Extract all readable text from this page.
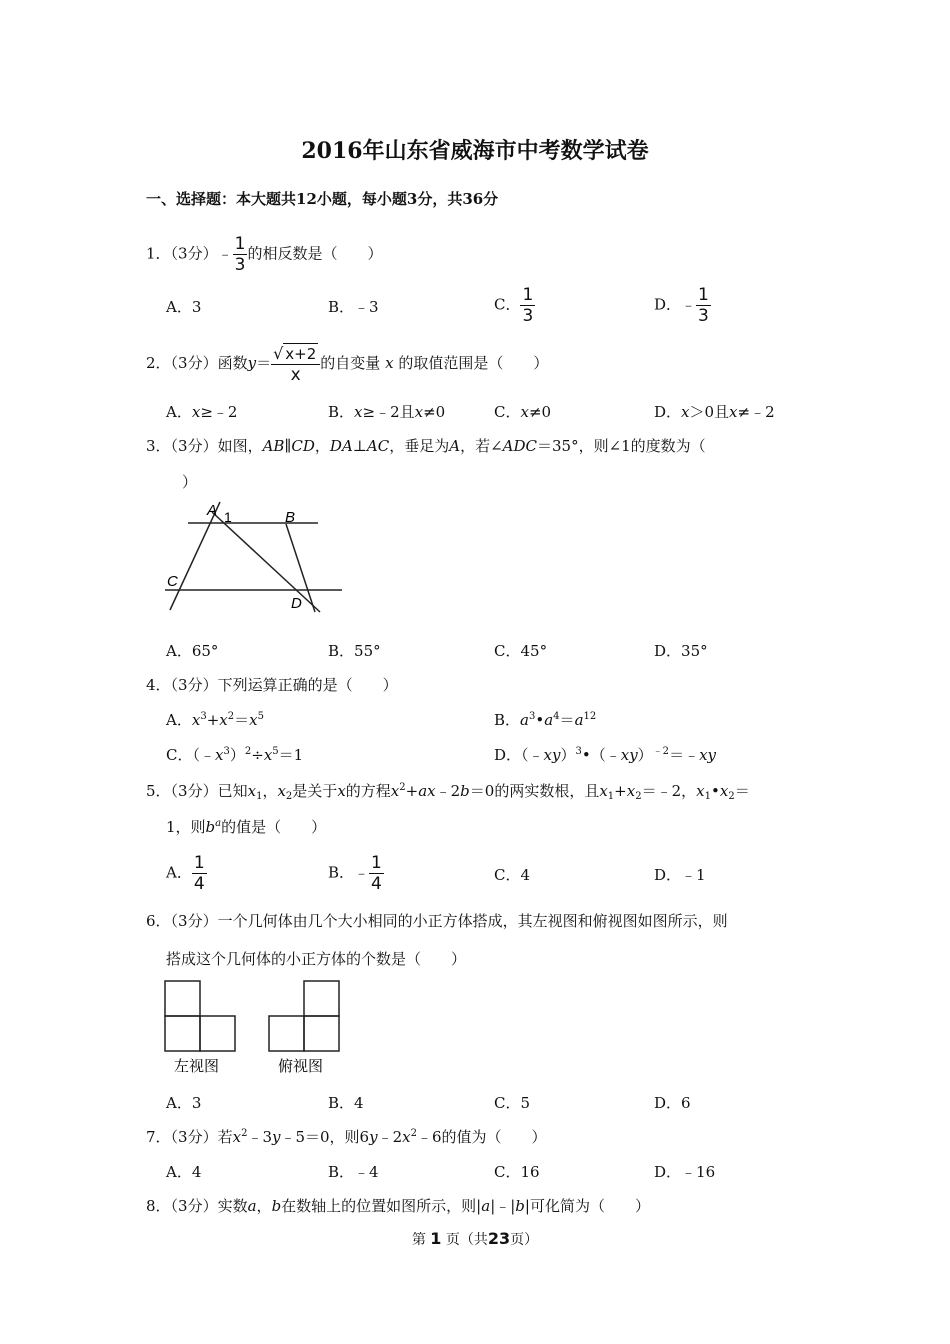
2016年山东省威海市中考数学试卷
一、选择题：本大题共12小题，每小题3分，共36分
1．（3分）﹣ $\frac{1}{3}$ 的相反数是（　　）
A．3	B．﹣3	C． $\frac{1}{3}$	D．﹣ $\frac{1}{3}$
2．（3分）函数$y= \frac{√ x+2}{x}$ 的自变量 x 的取值范围是（　　）
A．x≥﹣2	B．x≥﹣2且x≠0	C．x≠0	D．x＞0且x≠﹣2
3．（3分）如图，AB∥CD，DA⊥AC，垂足为A，若∠ADC＝35°，则∠1的度数为（
）
A 1	B
C
D
A．65°	B．55°	C．45°	D．35°
4．（3分）下列运算正确的是（　　）
A．$x^3+x^2=x^5$	B．$a^3•a^4=a^{12}$
C．$(﹣x^3)^2\div x^5=1$	D．（﹣xy）$^3$•（﹣xy）$^{﹣2}$＝﹣xy
5．（3分）已知$x_1$，$x_2$是关于x的方程$x^2+ax﹣2b=0$的两实数根，且$x_1+x_2=﹣2$，$x_1•x_2=$
1，则$b^a$的值是（　　）
A． $\frac{1}{4}$	B．﹣ $\frac{1}{4}$	C．4	D．﹣1
6．（3分）一个几何体由几个大小相同的小正方体搭成，其左视图和俯视图如图所示，则
搭成这个几何体的小正方体的个数是（　　）
左视图	俯视图
A．3	B．4	C．5	D．6
7．（3分）若$x^2﹣3y﹣5=0$，则$6y﹣2x^2﹣6$的值为（　　）
A．4	B．﹣4	C．16	D．﹣16
8．（3分）实数a，b在数轴上的位置如图所示，则|a|﹣|b|可化简为（　　）
第 1 页（共23页）
